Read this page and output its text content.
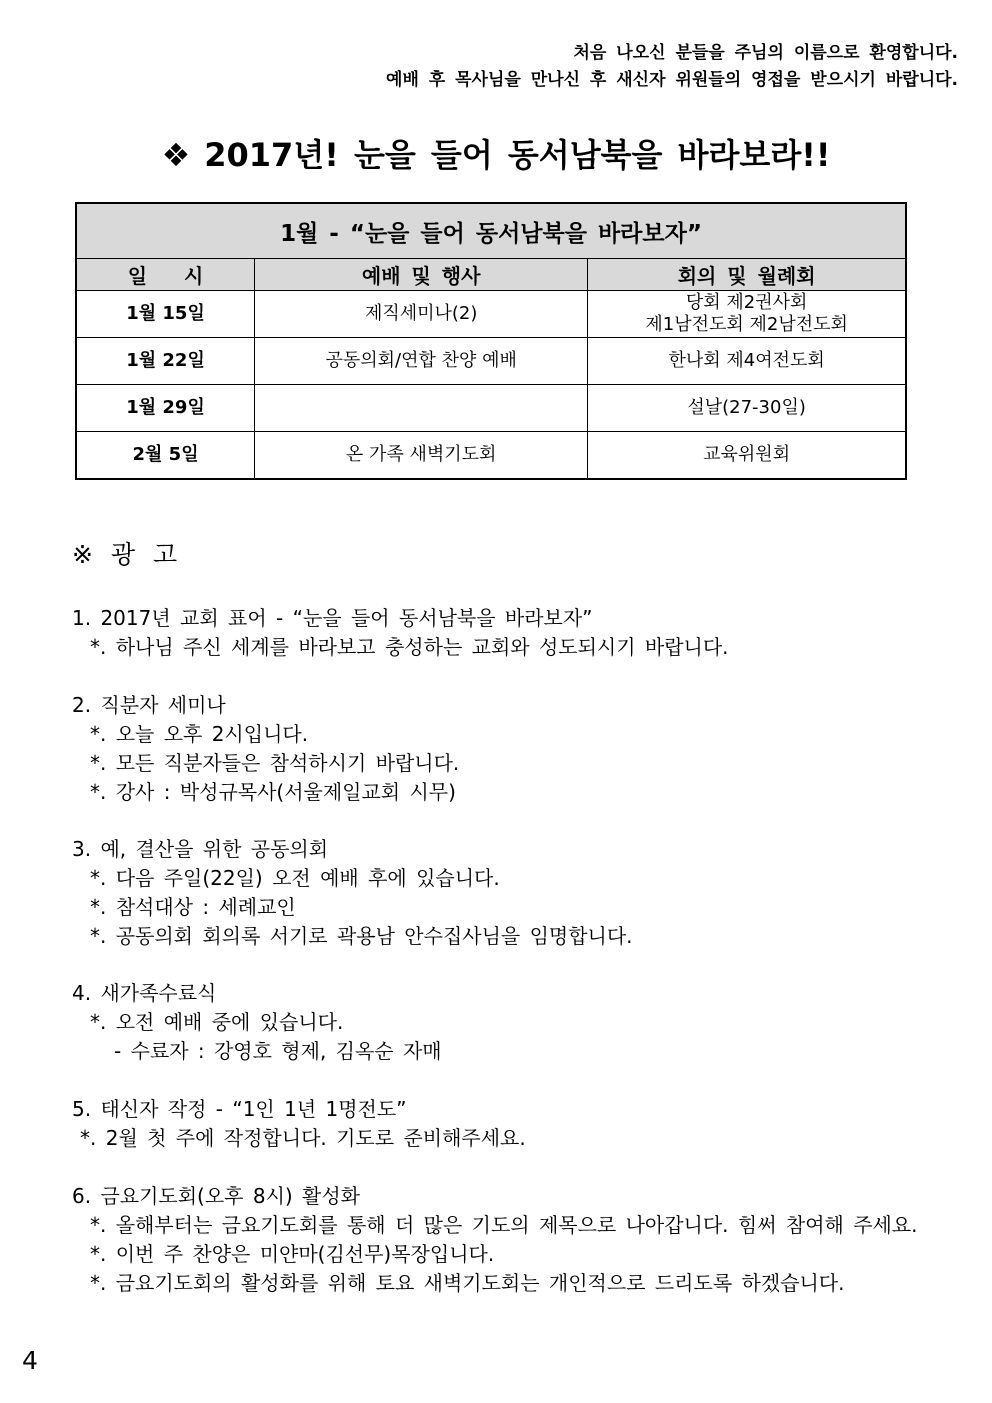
처음 나오신 분들을 주님의 이름으로 환영합니다.
예배 후 목사님을 만나신 후 새신자 위원들의 영접을 받으시기 바랍니다.
❖ 2017년! 눈을 들어 동서남북을 바라보라!!
1월 - “눈을 들어 동서남북을 바라보자”		
일 시	예배 및 행사	회의 및 월례회
1월 15일	제직세미나(2)	당회 제2권사회
제1남전도회 제2남전도회

1월 22일	공동의회/연합 찬양 예배	한나회 제4여전도회
1월 29일		설날(27-30일)
2월 5일	온 가족 새벽기도회	교육위원회
※ 광 고
1. 2017년 교회 표어 - “눈을 들어 동서남북을 바라보자”
*. 하나님 주신 세계를 바라보고 충성하는 교회와 성도되시기 바랍니다.
2. 직분자 세미나
*. 오늘 오후 2시입니다.
*. 모든 직분자들은 참석하시기 바랍니다.
*. 강사 : 박성규목사(서울제일교회 시무)
3. 예, 결산을 위한 공동의회
*. 다음 주일(22일) 오전 예배 후에 있습니다.
*. 참석대상 : 세례교인
*. 공동의회 회의록 서기로 곽용남 안수집사님을 임명합니다.
4. 새가족수료식
*. 오전 예배 중에 있습니다.
- 수료자 : 강영호 형제, 김옥순 자매
5. 태신자 작정 - “1인 1년 1명전도”
*. 2월 첫 주에 작정합니다. 기도로 준비해주세요.
6. 금요기도회(오후 8시) 활성화
*. 올해부터는 금요기도회를 통해 더 많은 기도의 제목으로 나아갑니다. 힘써 참여해 주세요.
*. 이번 주 찬양은 미얀마(김선무)목장입니다.
*. 금요기도회의 활성화를 위해 토요 새벽기도회는 개인적으로 드리도록 하겠습니다.
4
